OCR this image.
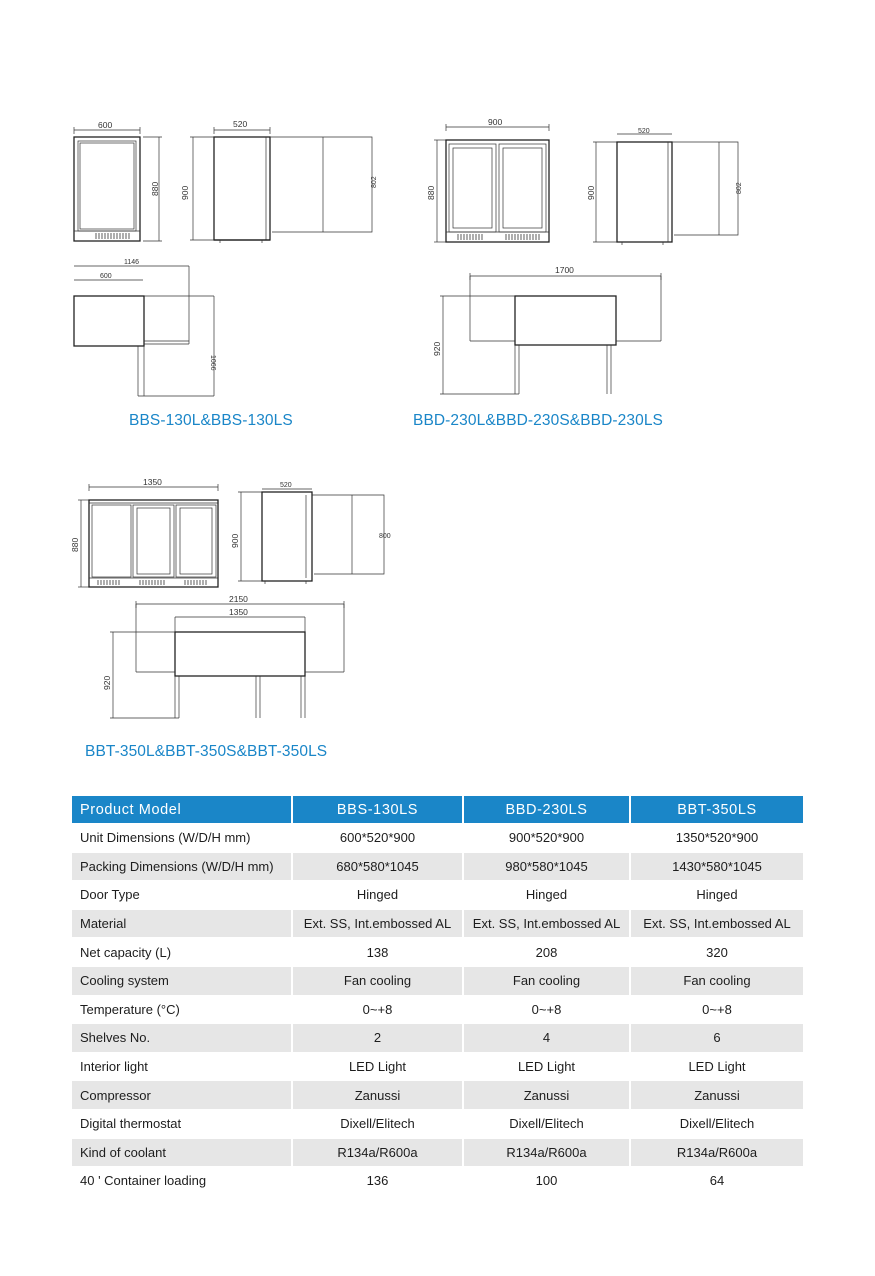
600
880
520
900
802
1146
600
1066
900
880
520
900	802
1700
920
1350
880
520
900	800
2150
1350
920
BBS-130L&BBS-130LS	BBD-230L&BBD-230S&BBD-230LS
BBT-350L&BBT-350S&BBT-350LS
Product Model	BBS-130LS	BBD-230LS	BBT-350LS
Unit Dimensions (W/D/H mm)	600*520*900	900*520*900	1350*520*900
Packing Dimensions (W/D/H mm)	680*580*1045	980*580*1045	1430*580*1045
Door Type	Hinged	Hinged	Hinged
Material	Ext. SS, Int.embossed AL	Ext. SS, Int.embossed AL	Ext. SS, Int.embossed AL
Net capacity (L)	138	208	320
Cooling system	Fan cooling	Fan cooling	Fan cooling
Temperature (°C)	0~+8	0~+8	0~+8
Shelves No.	2	4	6
Interior light	LED Light	LED Light	LED Light
Compressor	Zanussi	Zanussi	Zanussi
Digital thermostat	Dixell/Elitech	Dixell/Elitech	Dixell/Elitech
Kind of coolant	R134a/R600a	R134a/R600a	R134a/R600a
40 ' Container loading	136	100	64
